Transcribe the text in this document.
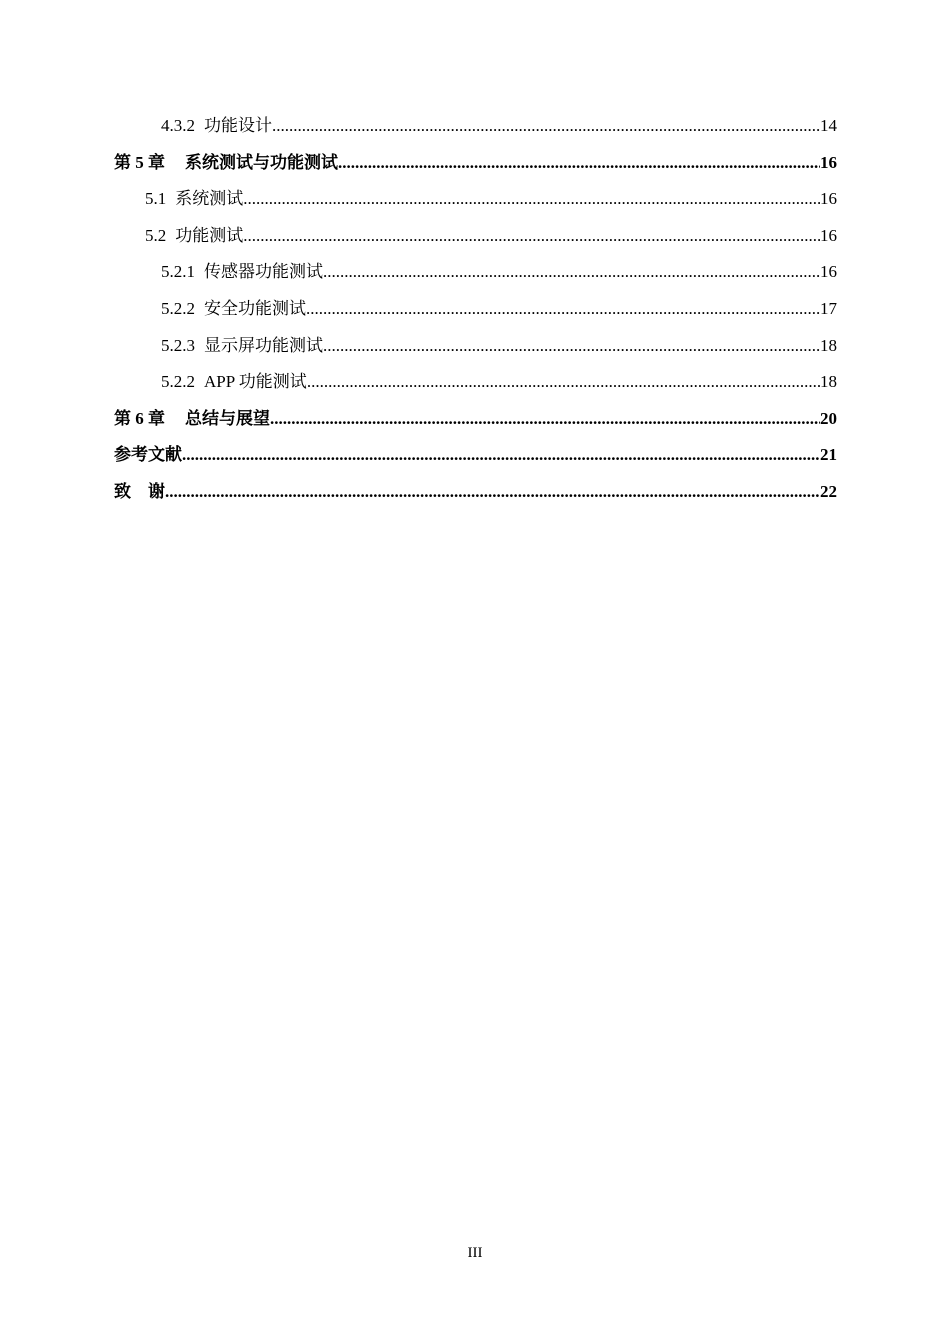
4.3.2 功能设计 .....	14
第 5 章 系统测试与功能测试 .....	16
5.1 系统测试 .....	16
5.2 功能测试 .....	16
5.2.1 传感器功能测试 .....	16
5.2.2 安全功能测试 .....	17
5.2.3 显示屏功能测试 .....	18
5.2.2 APP 功能测试 .....	18
第 6 章 总结与展望 .....	20
参考文献 .....	21
致　谢 .....	22
III
